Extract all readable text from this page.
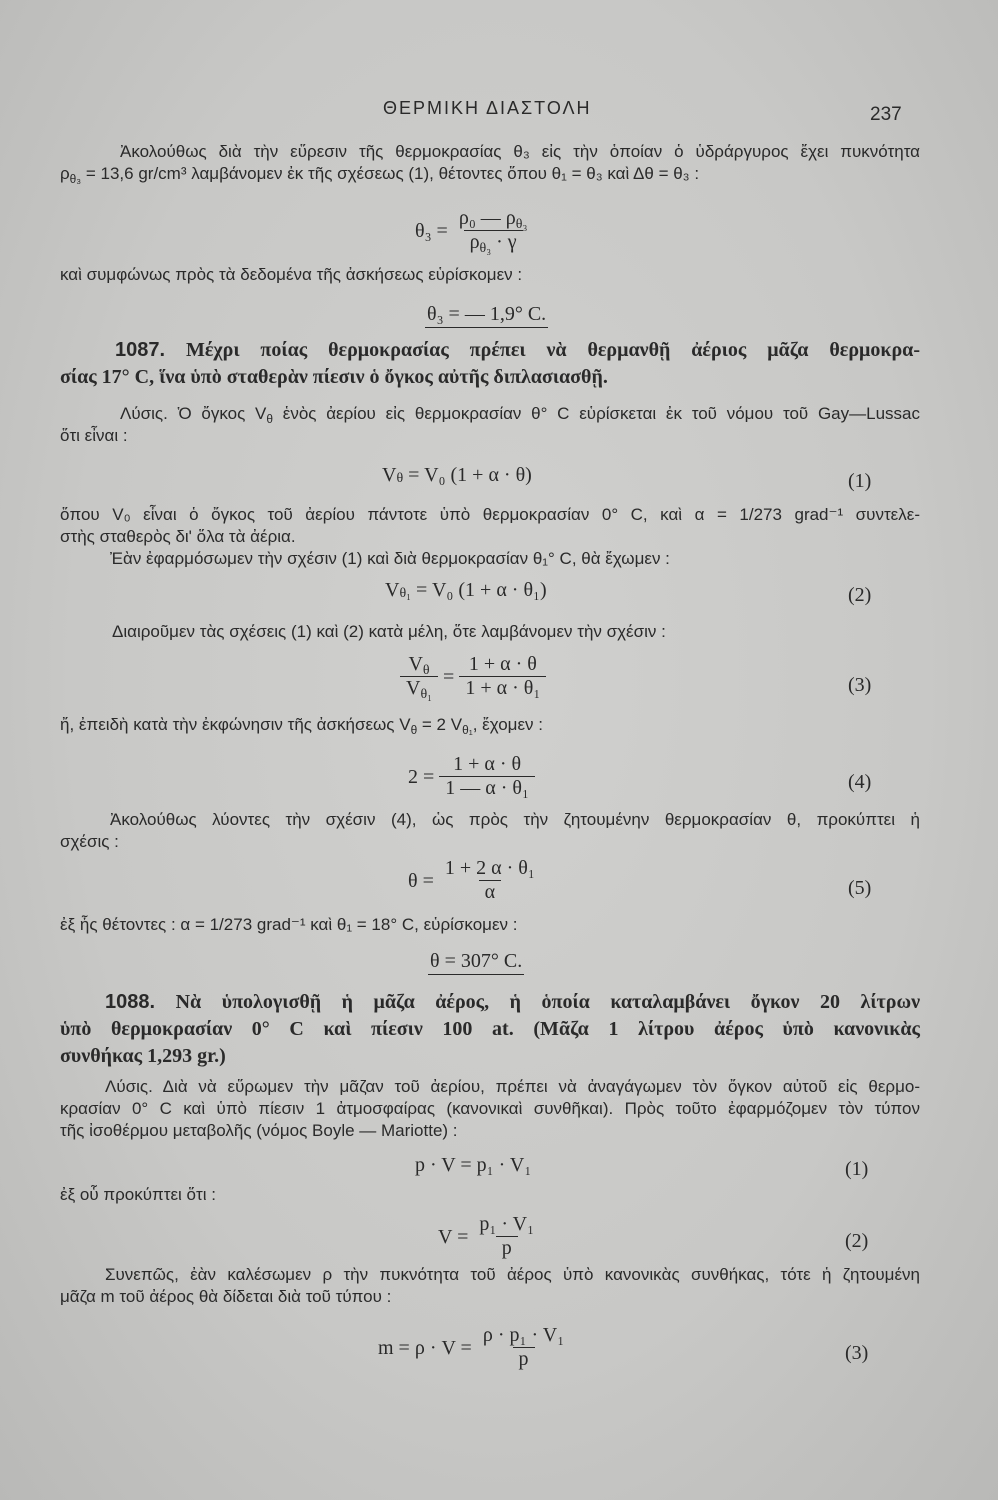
ΘΕΡΜΙΚΗ ΔΙΑΣΤΟΛΗ	237
Ἀκολούθως διὰ τὴν εὕρεσιν τῆς θερμοκρασίας θ₃ εἰς τὴν ὁποίαν ὁ ὑδράργυρος ἔχει πυκνότητα
$\rho_{\theta_3} = 13,6$ gr/cm³ λαμβάνομεν ἐκ τῆς σχέσεως (1), θέτοντες ὅπου θ₁ = θ₃ καὶ Δθ = θ₃ :
$\theta_3 = \frac{\rho_0 — \rho_{\theta_3}}{\rho_{\theta_3} \cdot \gamma}$
καὶ συμφώνως πρὸς τὰ δεδομένα τῆς ἀσκήσεως εὑρίσκομεν :
θ₃ = — 1,9° C.
1087. Μέχρι ποίας θερμοκρασίας πρέπει νὰ θερμανθῇ ἀέριος μᾶζα θερμοκρα-
σίας 17° C, ἵνα ὑπὸ σταθερὰν πίεσιν ὁ ὄγκος αὐτῆς διπλασιασθῇ.
Λύσις. Ὁ ὄγκος $V_\theta$ ἑνὸς ἀερίου εἰς θερμοκρασίαν θ° C εὑρίσκεται ἐκ τοῦ νόμου τοῦ Gay—Lussac
ὅτι εἶναι :
V θ = V₀ (1 + α · θ)	(1)
ὅπου V₀ εἶναι ὁ ὄγκος τοῦ ἀερίου πάντοτε ὑπὸ θερμοκρασίαν 0° C, καὶ α = 1/273 grad⁻¹ συντελε-
στὴς σταθερὸς δι' ὅλα τὰ ἀέρια.
Ἐὰν ἐφαρμόσωμεν τὴν σχέσιν (1) καὶ διὰ θερμοκρασίαν θ₁° C, θὰ ἔχωμεν :
V θ₁ = V₀ (1 + α · θ₁)	(2)
Διαιροῦμεν τὰς σχέσεις (1) καὶ (2) κατὰ μέλη, ὅτε λαμβάνομεν τὴν σχέσιν :
$\frac{V_\theta}{V_{\theta_1}} = \frac{1 + \alpha \cdot \theta}{\text{1 + α · θ₁}}$	(3)
ἤ, ἐπειδὴ κατὰ τὴν ἐκφώνησιν τῆς ἀσκήσεως $V_\theta = 2$ $V_{\theta_1}$, ἔχομεν :
$2 = \frac{1 + \alpha \cdot \theta}{\text{1 — α · θ₁}}$	(4)
Ἀκολούθως λύοντες τὴν σχέσιν (4), ὡς πρὸς τὴν ζητουμένην θερμοκρασίαν θ, προκύπτει ἡ
σχέσις :
$\theta = \frac{\text{1 + 2 α · θ₁}}{\alpha}$	(5)
ἐξ ἧς θέτοντες : α = 1/273 grad⁻¹ καὶ θ₁ = 18° C, εὑρίσκομεν :
θ = 307° C.
1088. Νὰ ὑπολογισθῇ ἡ μᾶζα ἀέρος, ἡ ὁποία καταλαμβάνει ὄγκον 20 λίτρων
ὑπὸ θερμοκρασίαν 0° C καὶ πίεσιν 100 at. (Μᾶζα 1 λίτρου ἀέρος ὑπὸ κανονικὰς
συνθήκας 1,293 gr.)
Λύσις. Διὰ νὰ εὕρωμεν τὴν μᾶζαν τοῦ ἀερίου, πρέπει νὰ ἀναγάγωμεν τὸν ὄγκον αὐτοῦ εἰς θερμο-
κρασίαν 0° C καὶ ὑπὸ πίεσιν 1 ἀτμοσφαίρας (κανονικαὶ συνθῆκαι). Πρὸς τοῦτο ἐφαρμόζομεν τὸν τύπον
τῆς ἰσοθέρμου μεταβολῆς (νόμος Boyle — Mariotte) :
p · V = p₁ · V₁	(1)
ἐξ οὗ προκύπτει ὅτι :
$V = \frac{\text{p₁ · V₁}}{p}$	(2)
Συνεπῶς, ἐὰν καλέσωμεν ρ τὴν πυκνότητα τοῦ ἀέρος ὑπὸ κανονικὰς συνθήκας, τότε ἡ ζητουμένη
μᾶζα m τοῦ ἀέρος θὰ δίδεται διὰ τοῦ τύπου :
$m = \rho \cdot V = \frac{\text{ρ · p₁ · V₁}}{p}$	(3)
